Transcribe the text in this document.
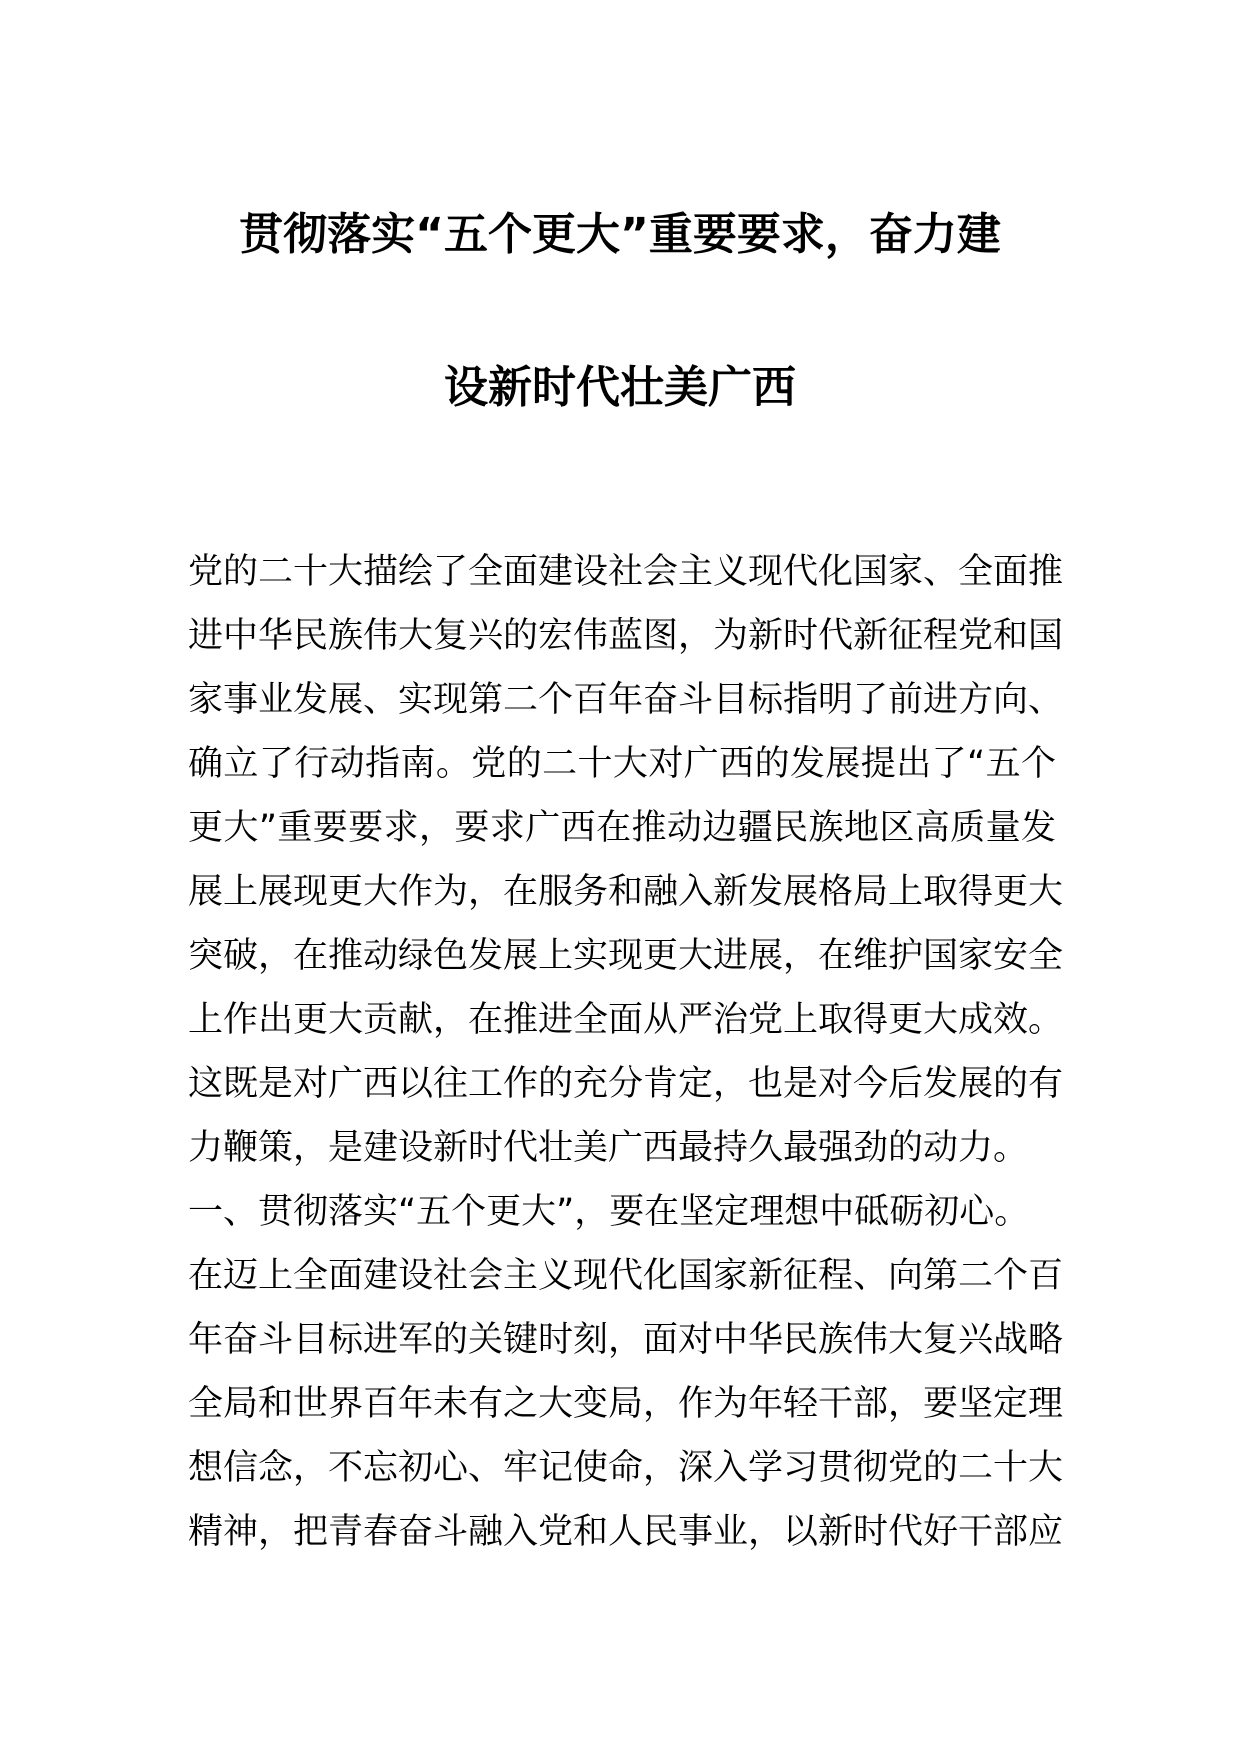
贯彻落实“五个更大”重要要求，奋力建
设新时代壮美广西
党的二十大描绘了全面建设社会主义现代化国家、全面推
进中华民族伟大复兴的宏伟蓝图，为新时代新征程党和国
家事业发展、实现第二个百年奋斗目标指明了前进方向、
确立了行动指南。党的二十大对广西的发展提出了“五个
更大”重要要求，要求广西在推动边疆民族地区高质量发
展上展现更大作为，在服务和融入新发展格局上取得更大
突破，在推动绿色发展上实现更大进展，在维护国家安全
上作出更大贡献，在推进全面从严治党上取得更大成效。
这既是对广西以往工作的充分肯定，也是对今后发展的有
力鞭策，是建设新时代壮美广西最持久最强劲的动力。
一、贯彻落实“五个更大”，要在坚定理想中砥砺初心。
在迈上全面建设社会主义现代化国家新征程、向第二个百
年奋斗目标进军的关键时刻，面对中华民族伟大复兴战略
全局和世界百年未有之大变局，作为年轻干部，要坚定理
想信念，不忘初心、牢记使命，深入学习贯彻党的二十大
精神，把青春奋斗融入党和人民事业，以新时代好干部应
